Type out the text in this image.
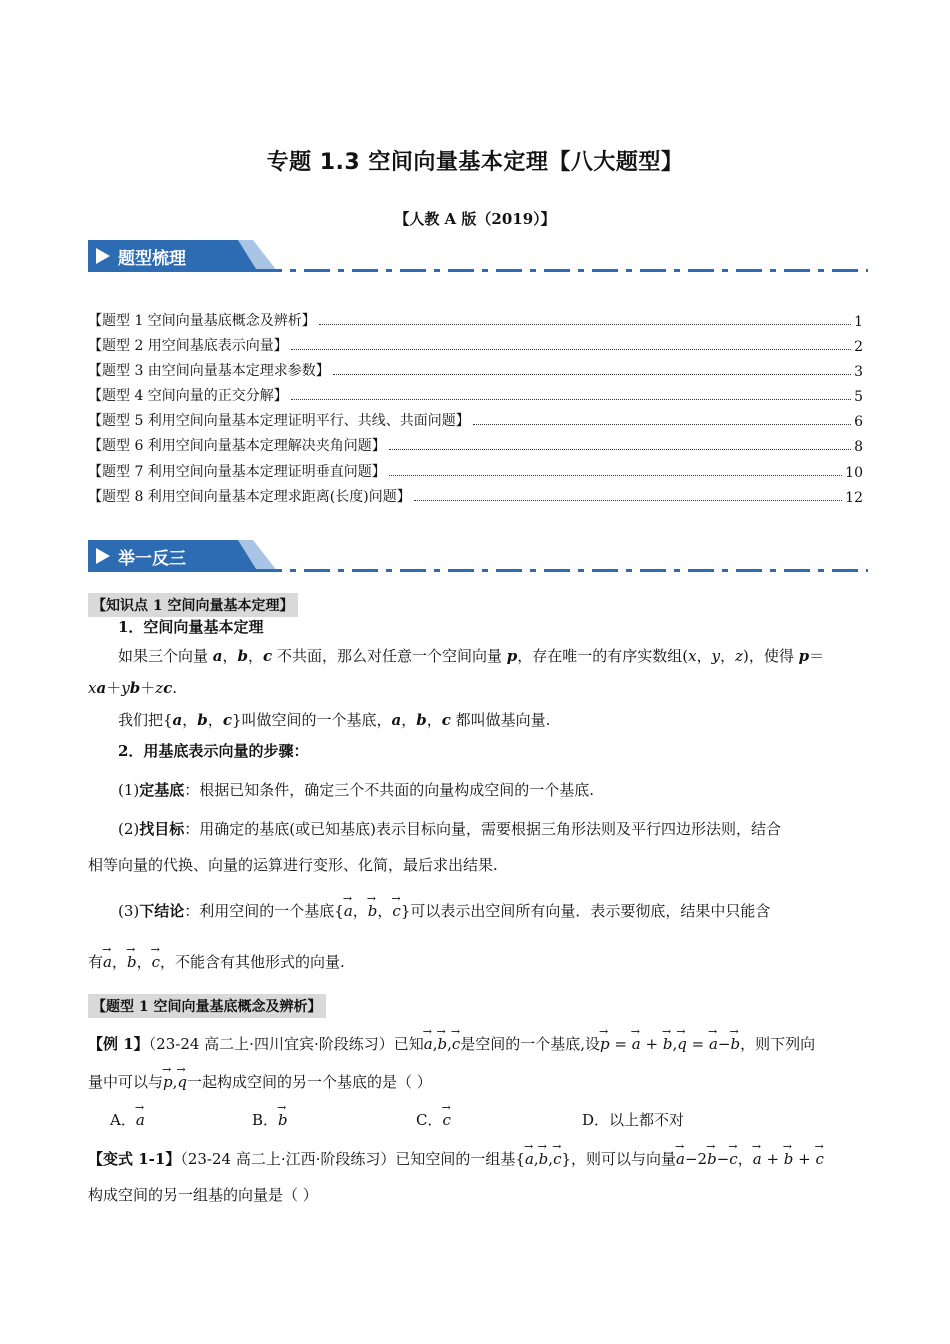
专题 1.3 空间向量基本定理【八大题型】
【人教 A 版（2019）】
题型梳理
【题型 1 空间向量基底概念及辨析】	1
【题型 2 用空间基底表示向量】	2
【题型 3 由空间向量基本定理求参数】	3
【题型 4 空间向量的正交分解】	5
【题型 5 利用空间向量基本定理证明平行、共线、共面问题】	6
【题型 6 利用空间向量基本定理解决夹角问题】	8
【题型 7 利用空间向量基本定理证明垂直问题】	10
【题型 8 利用空间向量基本定理求距离(长度)问题】	12
举一反三
【知识点 1 空间向量基本定理】
1．空间向量基本定理
如果三个向量 a，b，c 不共面，那么对任意一个空间向量 p，存在唯一的有序实数组(x，y，z)，使得 p＝
xa＋yb＋zc.
我们把{a，b，c}叫做空间的一个基底，a，b，c 都叫做基向量.
2．用基底表示向量的步骤：
(1)定基底：根据已知条件，确定三个不共面的向量构成空间的一个基底.
(2)找目标：用确定的基底(或已知基底)表示目标向量，需要根据三角形法则及平行四边形法则，结合
相等向量的代换、向量的运算进行变形、化简，最后求出结果.
(3)下结论：利用空间的一个基底{→ a，→ b，→ c}可以表示出空间所有向量．表示要彻底，结果中只能含
有→ a，→ b，→ c，不能含有其他形式的向量.
【题型 1 空间向量基底概念及辨析】
【例 1】（23-24 高二上·四川宜宾·阶段练习）已知→ a,→ b,→ c是空间的一个基底,设→ p = → a + → b,→ q = → a−→ b，则下列向
量中可以与→ p,→ q一起构成空间的另一个基底的是（ ）
A．→ a	B．→ b	C．→ c	D．以上都不对
【变式 1-1】（23-24 高二上·江西·阶段练习）已知空间的一组基{→ a,→ b,→ c}，则可以与向量→ a−2→ b−→ c，→ a + → b + → c
构成空间的另一组基的向量是（ ）
